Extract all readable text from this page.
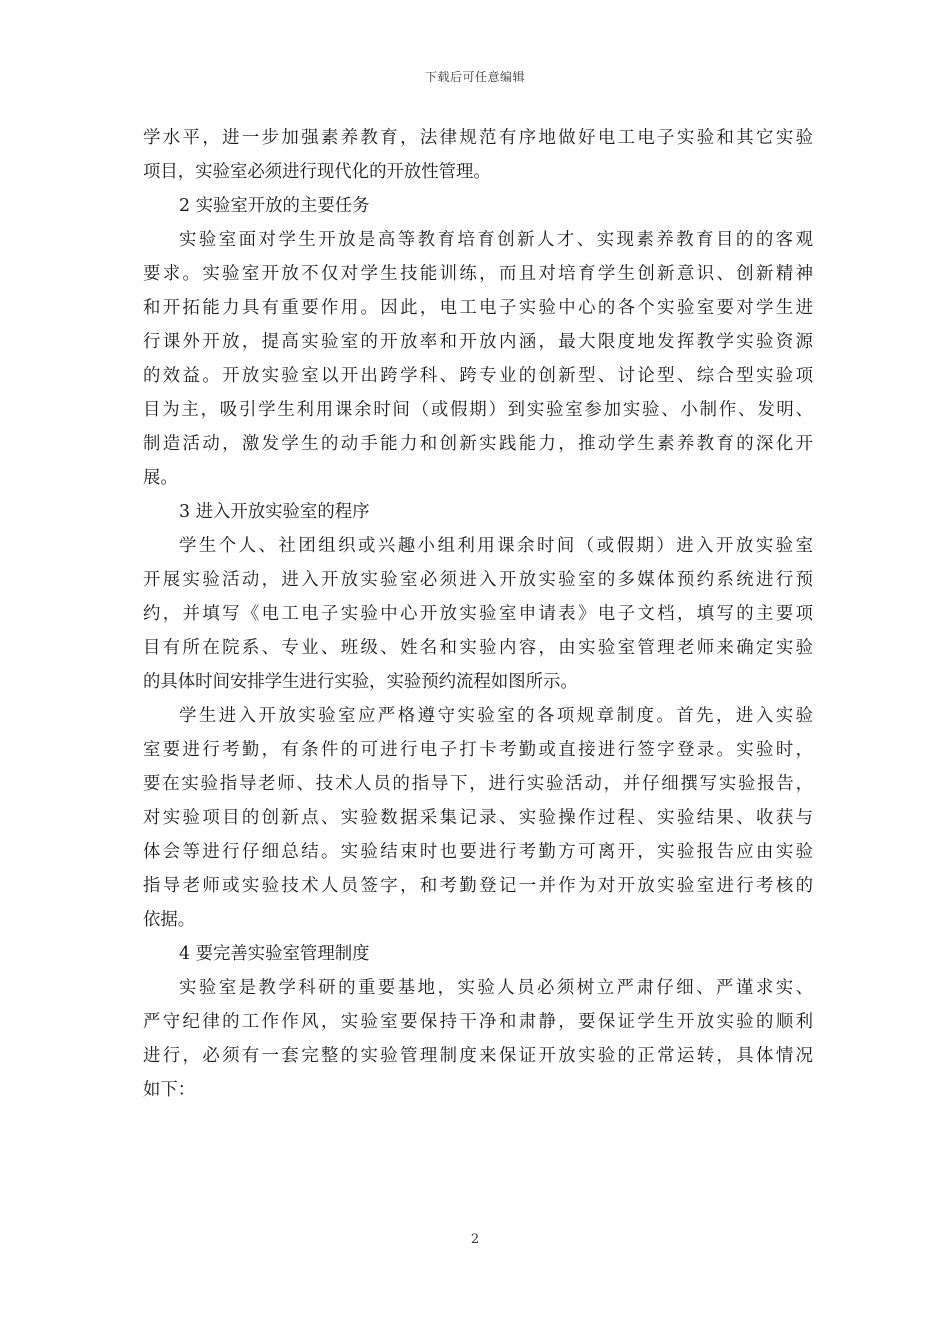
下载后可任意编辑
学水平，进一步加强素养教育，法律规范有序地做好电工电子实验和其它实验
项目，实验室必须进行现代化的开放性管理。
2 实验室开放的主要任务
实验室面对学生开放是高等教育培育创新人才、实现素养教育目的的客观
要求。实验室开放不仅对学生技能训练，而且对培育学生创新意识、创新精神
和开拓能力具有重要作用。因此，电工电子实验中心的各个实验室要对学生进
行课外开放，提高实验室的开放率和开放内涵，最大限度地发挥教学实验资源
的效益。开放实验室以开出跨学科、跨专业的创新型、讨论型、综合型实验项
目为主，吸引学生利用课余时间（或假期）到实验室参加实验、小制作、发明、
制造活动，激发学生的动手能力和创新实践能力，推动学生素养教育的深化开
展。
3 进入开放实验室的程序
学生个人、社团组织或兴趣小组利用课余时间（或假期）进入开放实验室
开展实验活动，进入开放实验室必须进入开放实验室的多媒体预约系统进行预
约，并填写《电工电子实验中心开放实验室申请表》电子文档，填写的主要项
目有所在院系、专业、班级、姓名和实验内容，由实验室管理老师来确定实验
的具体时间安排学生进行实验，实验预约流程如图所示。
学生进入开放实验室应严格遵守实验室的各项规章制度。首先，进入实验
室要进行考勤，有条件的可进行电子打卡考勤或直接进行签字登录。实验时，
要在实验指导老师、技术人员的指导下，进行实验活动，并仔细撰写实验报告，
对实验项目的创新点、实验数据采集记录、实验操作过程、实验结果、收获与
体会等进行仔细总结。实验结束时也要进行考勤方可离开，实验报告应由实验
指导老师或实验技术人员签字，和考勤登记一并作为对开放实验室进行考核的
依据。
4 要完善实验室管理制度
实验室是教学科研的重要基地，实验人员必须树立严肃仔细、严谨求实、
严守纪律的工作作风，实验室要保持干净和肃静，要保证学生开放实验的顺利
进行，必须有一套完整的实验管理制度来保证开放实验的正常运转，具体情况
如下：
2
